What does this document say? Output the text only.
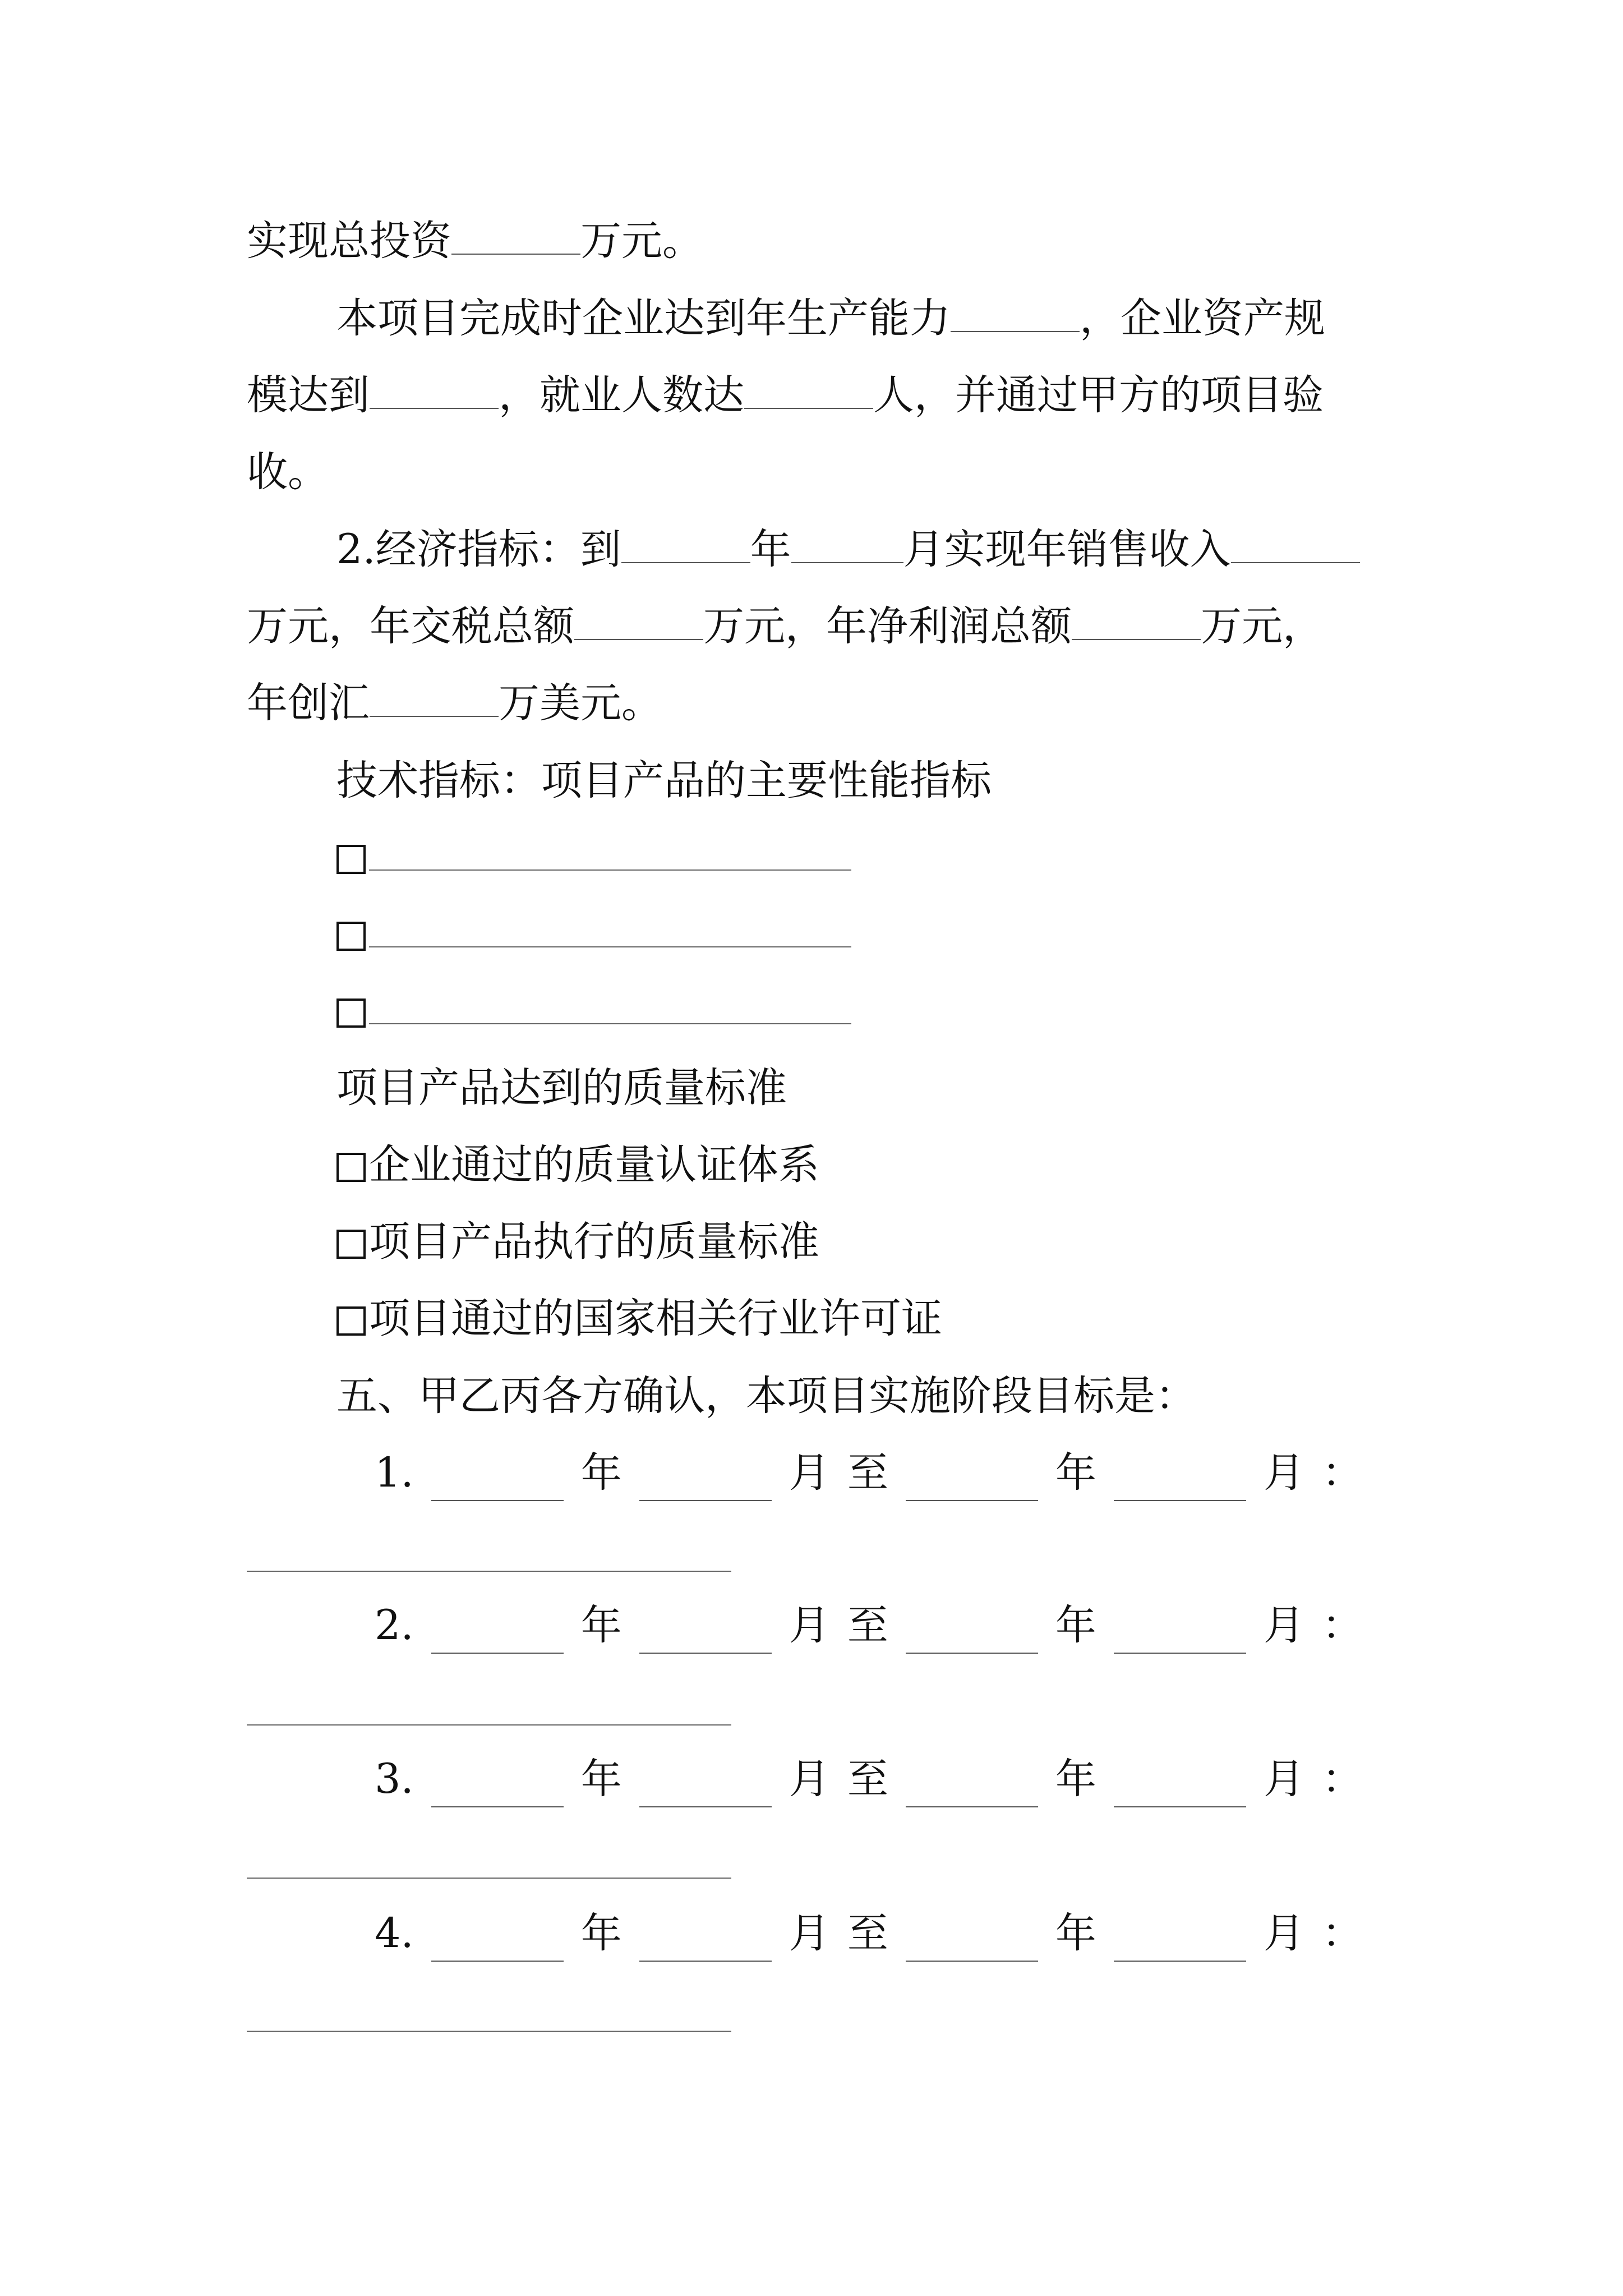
实现总投资	万元。
本项目完成时企业达到年生产能力	，企业资产规
模达到	，就业人数达	人，并通过甲方的项目验
收。
2.经济指标：到	年	月实现年销售收入
万元，年交税总额	万元，年净利润总额	万元，
年创汇	万美元。
技术指标：项目产品的主要性能指标
项目产品达到的质量标准
企业通过的质量认证体系
项目产品执行的质量标准
项目通过的国家相关行业许可证
五、甲乙丙各方确认，本项目实施阶段目标是：
1.	年	月 至	年	月 ：
2.	年	月 至	年	月 ：
3.	年	月 至	年	月 ：
4.	年	月 至	年	月 ：
